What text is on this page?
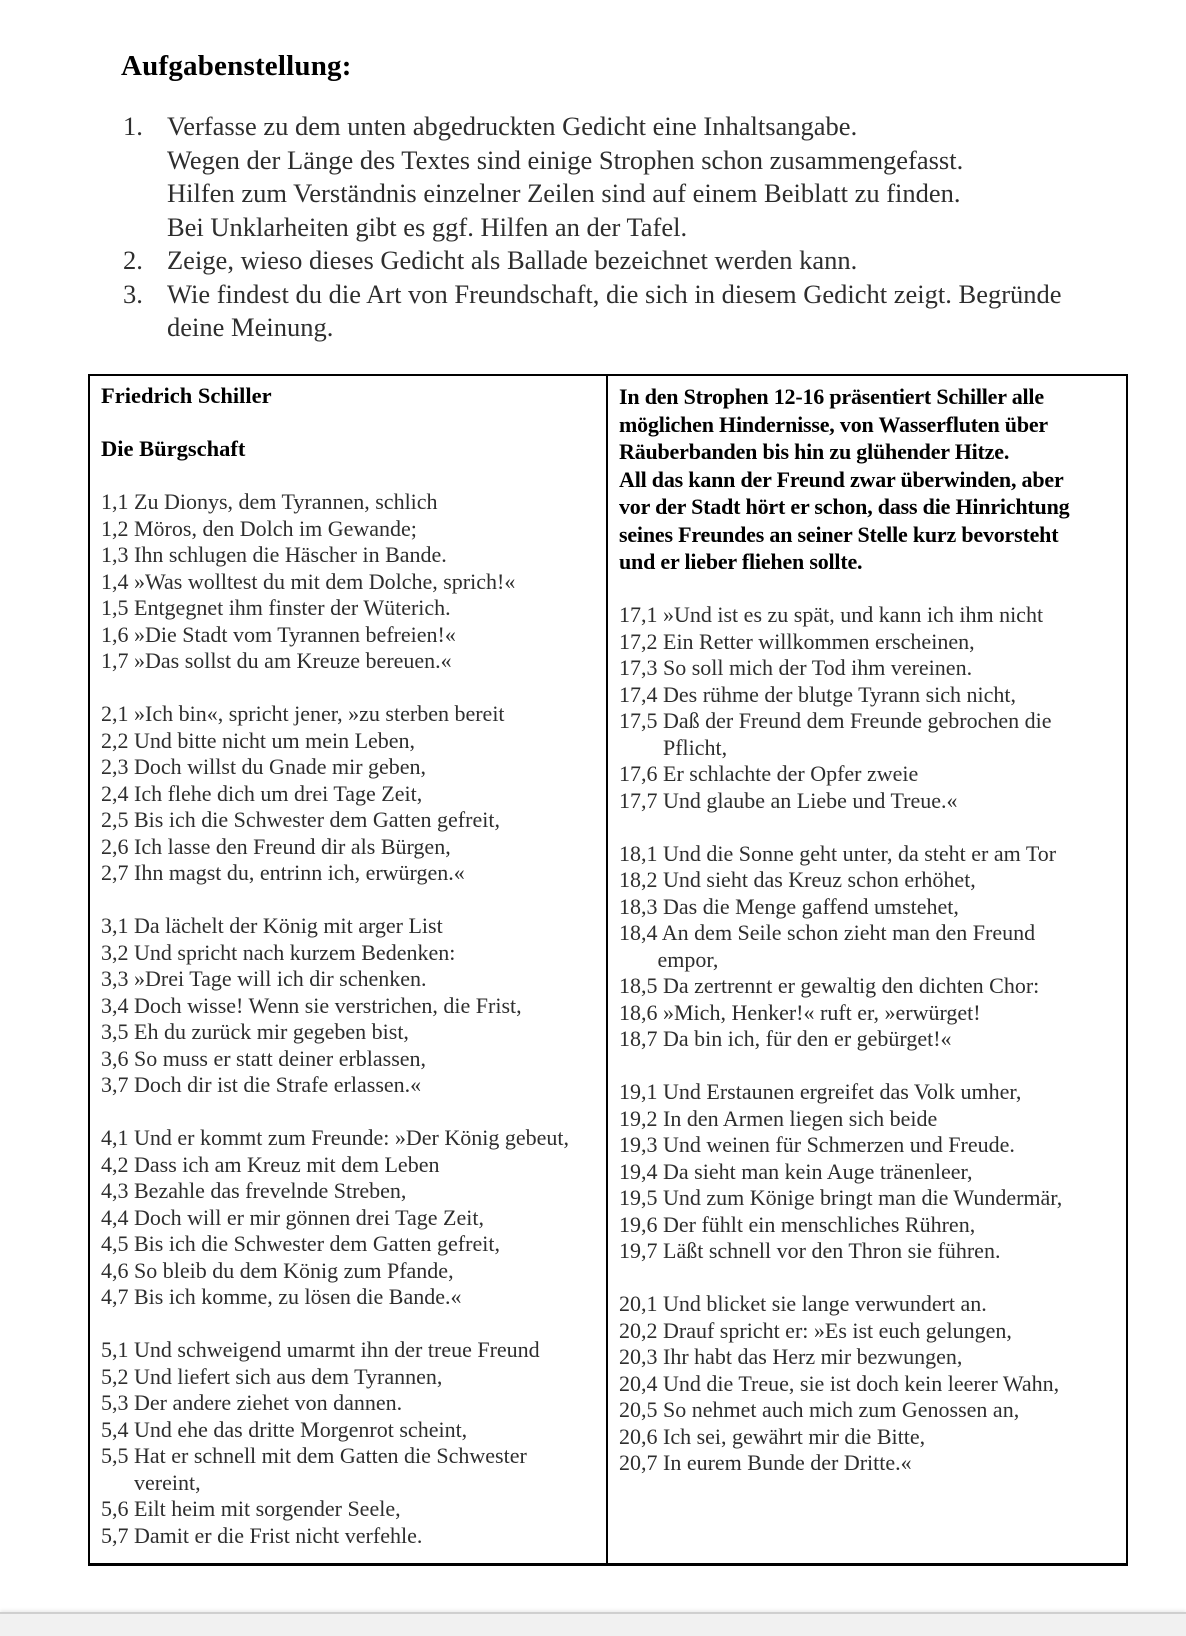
Aufgabenstellung:
1. Verfasse zu dem unten abgedruckten Gedicht eine Inhaltsangabe.
Wegen der Länge des Textes sind einige Strophen schon zusammengefasst.
Hilfen zum Verständnis einzelner Zeilen sind auf einem Beiblatt zu finden.
Bei Unklarheiten gibt es ggf. Hilfen an der Tafel.
2. Zeige, wieso dieses Gedicht als Ballade bezeichnet werden kann.
3. Wie findest du die Art von Freundschaft, die sich in diesem Gedicht zeigt. Begründe
deine Meinung.
Friedrich Schiller
Die Bürgschaft
1,1 Zu Dionys, dem Tyrannen, schlich
1,2 Möros, den Dolch im Gewande;
1,3 Ihn schlugen die Häscher in Bande.
1,4 »Was wolltest du mit dem Dolche, sprich!«
1,5 Entgegnet ihm finster der Wüterich.
1,6 »Die Stadt vom Tyrannen befreien!«
1,7 »Das sollst du am Kreuze bereuen.«
2,1 »Ich bin«, spricht jener, »zu sterben bereit
2,2 Und bitte nicht um mein Leben,
2,3 Doch willst du Gnade mir geben,
2,4 Ich flehe dich um drei Tage Zeit,
2,5 Bis ich die Schwester dem Gatten gefreit,
2,6 Ich lasse den Freund dir als Bürgen,
2,7 Ihn magst du, entrinn ich, erwürgen.«
3,1 Da lächelt der König mit arger List
3,2 Und spricht nach kurzem Bedenken:
3,3 »Drei Tage will ich dir schenken.
3,4 Doch wisse! Wenn sie verstrichen, die Frist,
3,5 Eh du zurück mir gegeben bist,
3,6 So muss er statt deiner erblassen,
3,7 Doch dir ist die Strafe erlassen.«
4,1 Und er kommt zum Freunde: »Der König gebeut,
4,2 Dass ich am Kreuz mit dem Leben
4,3 Bezahle das frevelnde Streben,
4,4 Doch will er mir gönnen drei Tage Zeit,
4,5 Bis ich die Schwester dem Gatten gefreit,
4,6 So bleib du dem König zum Pfande,
4,7 Bis ich komme, zu lösen die Bande.«
5,1 Und schweigend umarmt ihn der treue Freund
5,2 Und liefert sich aus dem Tyrannen,
5,3 Der andere ziehet von dannen.
5,4 Und ehe das dritte Morgenrot scheint,
5,5 Hat er schnell mit dem Gatten die Schwester
vereint,
5,6 Eilt heim mit sorgender Seele,
5,7 Damit er die Frist nicht verfehle.
In den Strophen 12-16 präsentiert Schiller alle
möglichen Hindernisse, von Wasserfluten über
Räuberbanden bis hin zu glühender Hitze.
All das kann der Freund zwar überwinden, aber
vor der Stadt hört er schon, dass die Hinrichtung
seines Freundes an seiner Stelle kurz bevorsteht
und er lieber fliehen sollte.
17,1 »Und ist es zu spät, und kann ich ihm nicht
17,2 Ein Retter willkommen erscheinen,
17,3 So soll mich der Tod ihm vereinen.
17,4 Des rühme der blutge Tyrann sich nicht,
17,5 Daß der Freund dem Freunde gebrochen die
Pflicht,
17,6 Er schlachte der Opfer zweie
17,7 Und glaube an Liebe und Treue.«
18,1 Und die Sonne geht unter, da steht er am Tor
18,2 Und sieht das Kreuz schon erhöhet,
18,3 Das die Menge gaffend umstehet,
18,4 An dem Seile schon zieht man den Freund
empor,
18,5 Da zertrennt er gewaltig den dichten Chor:
18,6 »Mich, Henker!« ruft er, »erwürget!
18,7 Da bin ich, für den er gebürget!«
19,1 Und Erstaunen ergreifet das Volk umher,
19,2 In den Armen liegen sich beide
19,3 Und weinen für Schmerzen und Freude.
19,4 Da sieht man kein Auge tränenleer,
19,5 Und zum Könige bringt man die Wundermär,
19,6 Der fühlt ein menschliches Rühren,
19,7 Läßt schnell vor den Thron sie führen.
20,1 Und blicket sie lange verwundert an.
20,2 Drauf spricht er: »Es ist euch gelungen,
20,3 Ihr habt das Herz mir bezwungen,
20,4 Und die Treue, sie ist doch kein leerer Wahn,
20,5 So nehmet auch mich zum Genossen an,
20,6 Ich sei, gewährt mir die Bitte,
20,7 In eurem Bunde der Dritte.«
